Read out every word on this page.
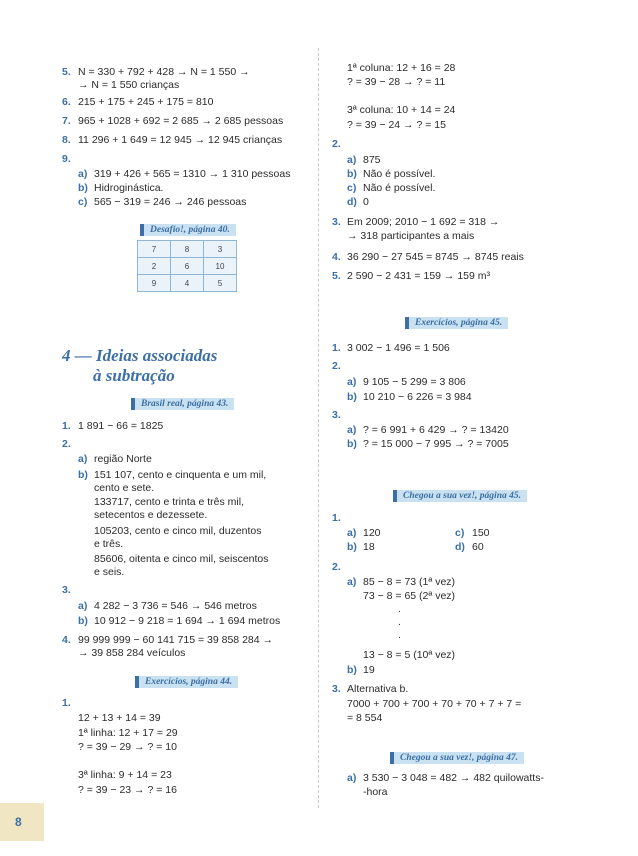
8
5. N = 330 + 792 + 428 → N = 1 550 →
→ N = 1 550 crianças
6. 215 + 175 + 245 + 175 = 810
7. 965 + 1028 + 692 = 2 685 → 2 685 pessoas
8. 11 296 + 1 649 = 12 945 → 12 945 crianças
9.
a) 319 + 426 + 565 = 1310 → 1 310 pessoas
b) Hidroginástica.
c) 565 − 319 = 246 → 246 pessoas
Desafio!, página 40.
7	8	3
2	6	10
9	4	5
4 — Ideias associadas
à subtração
Brasil real, página 43.
1. 1 891 − 66 = 1825
2.
a) região Norte
b) 151 107, cento e cinquenta e um mil,
cento e sete.
133717, cento e trinta e três mil,
setecentos e dezessete.
105203, cento e cinco mil, duzentos
e três.
85606, oitenta e cinco mil, seiscentos
e seis.
3.
a) 4 282 − 3 736 = 546 → 546 metros
b) 10 912 − 9 218 = 1 694 → 1 694 metros
4. 99 999 999 − 60 141 715 = 39 858 284 →
→ 39 858 284 veículos
Exercícios, página 44.
1.
12 + 13 + 14 = 39
1ª linha: 12 + 17 = 29
? = 39 − 29 → ? = 10
3ª linha: 9 + 14 = 23
? = 39 − 23 → ? = 16
1ª coluna: 12 + 16 = 28
? = 39 − 28 → ? = 11
3ª coluna: 10 + 14 = 24
? = 39 − 24 → ? = 15
2.
a) 875
b) Não é possível.
c) Não é possível.
d) 0
3. Em 2009; 2010 − 1 692 = 318 →
→ 318 participantes a mais
4. 36 290 − 27 545 = 8745 → 8745 reais
5. 2 590 − 2 431 = 159 → 159 m³
Exercícios, página 45.
1. 3 002 − 1 496 = 1 506
2.
a) 9 105 − 5 299 = 3 806
b) 10 210 − 6 226 = 3 984
3.
a) ? = 6 991 + 6 429 → ? = 13420
b) ? = 15 000 − 7 995 → ? = 7005
Chegou a sua vez!, página 45.
1.
a) 120
b) 18
c) 150
d) 60
2.
a) 85 − 8 = 73 (1ª vez)
73 − 8 = 65 (2ª vez)
.
.
.
13 − 8 = 5 (10ª vez)
b) 19
3. Alternativa b.
7000 + 700 + 700 + 70 + 70 + 7 + 7 =
= 8 554
Chegou a sua vez!, página 47.
a) 3 530 − 3 048 = 482 → 482 quilowatts-
-hora
